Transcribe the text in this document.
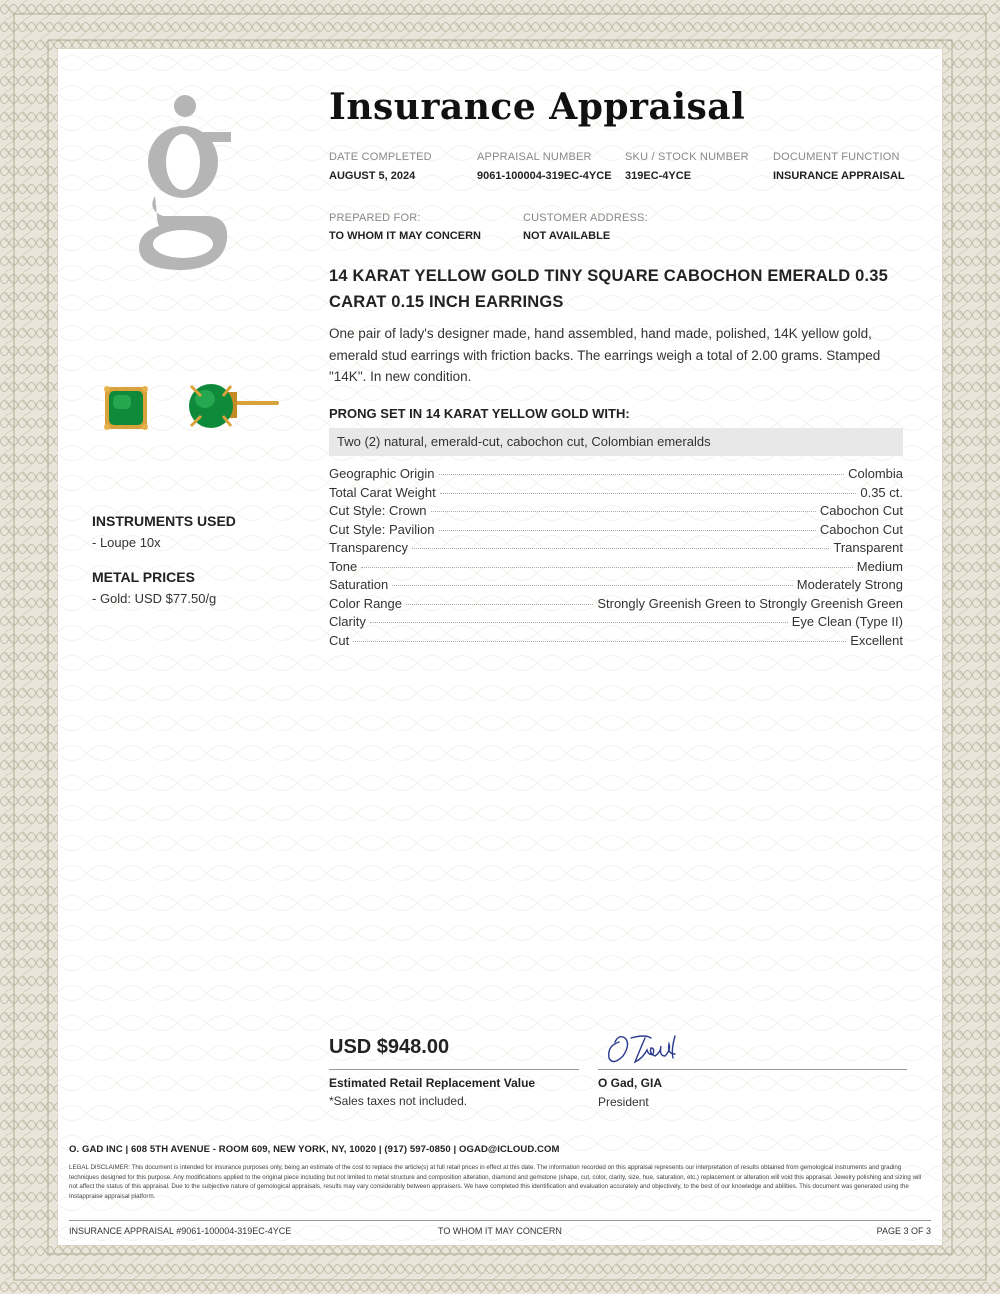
INSTRUMENTS USED
- Loupe 10x
METAL PRICES
- Gold: USD $77.50/g
Insurance Appraisal
DATE COMPLETED
AUGUST 5, 2024
APPRAISAL NUMBER
9061-100004-319EC-4YCE
SKU / STOCK NUMBER
319EC-4YCE
DOCUMENT FUNCTION
INSURANCE APPRAISAL
PREPARED FOR:
TO WHOM IT MAY CONCERN
CUSTOMER ADDRESS:
NOT AVAILABLE
14 KARAT YELLOW GOLD TINY SQUARE CABOCHON EMERALD 0.35 CARAT 0.15 INCH EARRINGS
One pair of lady's designer made, hand assembled, hand made, polished, 14K yellow gold, emerald stud earrings with friction backs. The earrings weigh a total of 2.00 grams. Stamped "14K". In new condition.
PRONG SET IN 14 KARAT YELLOW GOLD WITH:
Two (2) natural, emerald-cut, cabochon cut, Colombian emeralds
Geographic Origin	Colombia
Total Carat Weight	0.35 ct.
Cut Style: Crown	Cabochon Cut
Cut Style: Pavilion	Cabochon Cut
Transparency	Transparent
Tone	Medium
Saturation	Moderately Strong
Color Range	Strongly Greenish Green to Strongly Greenish Green
Clarity	Eye Clean (Type II)
Cut	Excellent
USD $948.00
Estimated Retail Replacement Value
*Sales taxes not included.
O Gad, GIA
President
O. GAD INC | 608 5TH AVENUE - ROOM 609, NEW YORK, NY, 10020 | (917) 597-0850 | OGAD@ICLOUD.COM
LEGAL DISCLAIMER: This document is intended for insurance purposes only, being an estimate of the cost to replace the article(s) at full retail prices in effect at this date. The information recorded on this appraisal represents our interpretation of results obtained from gemological instruments and grading techniques designed for this purpose. Any modifications applied to the original piece including but not limited to metal structure and composition alteration, diamond and gemstone (shape, cut, color, clarity, size, hue, saturation, etc.) replacement or alteration will void this appraisal. Jewelry polishing and sizing will not affect the status of this appraisal. Due to the subjective nature of gemological appraisals, results may vary considerably between appraisers. We have completed this identification and evaluation accurately and objectively, to the best of our knowledge and abilities. This document was generated using the Instappraise appraisal platform.
INSURANCE APPRAISAL #9061-100004-319EC-4YCE	TO WHOM IT MAY CONCERN	PAGE 3 OF 3
